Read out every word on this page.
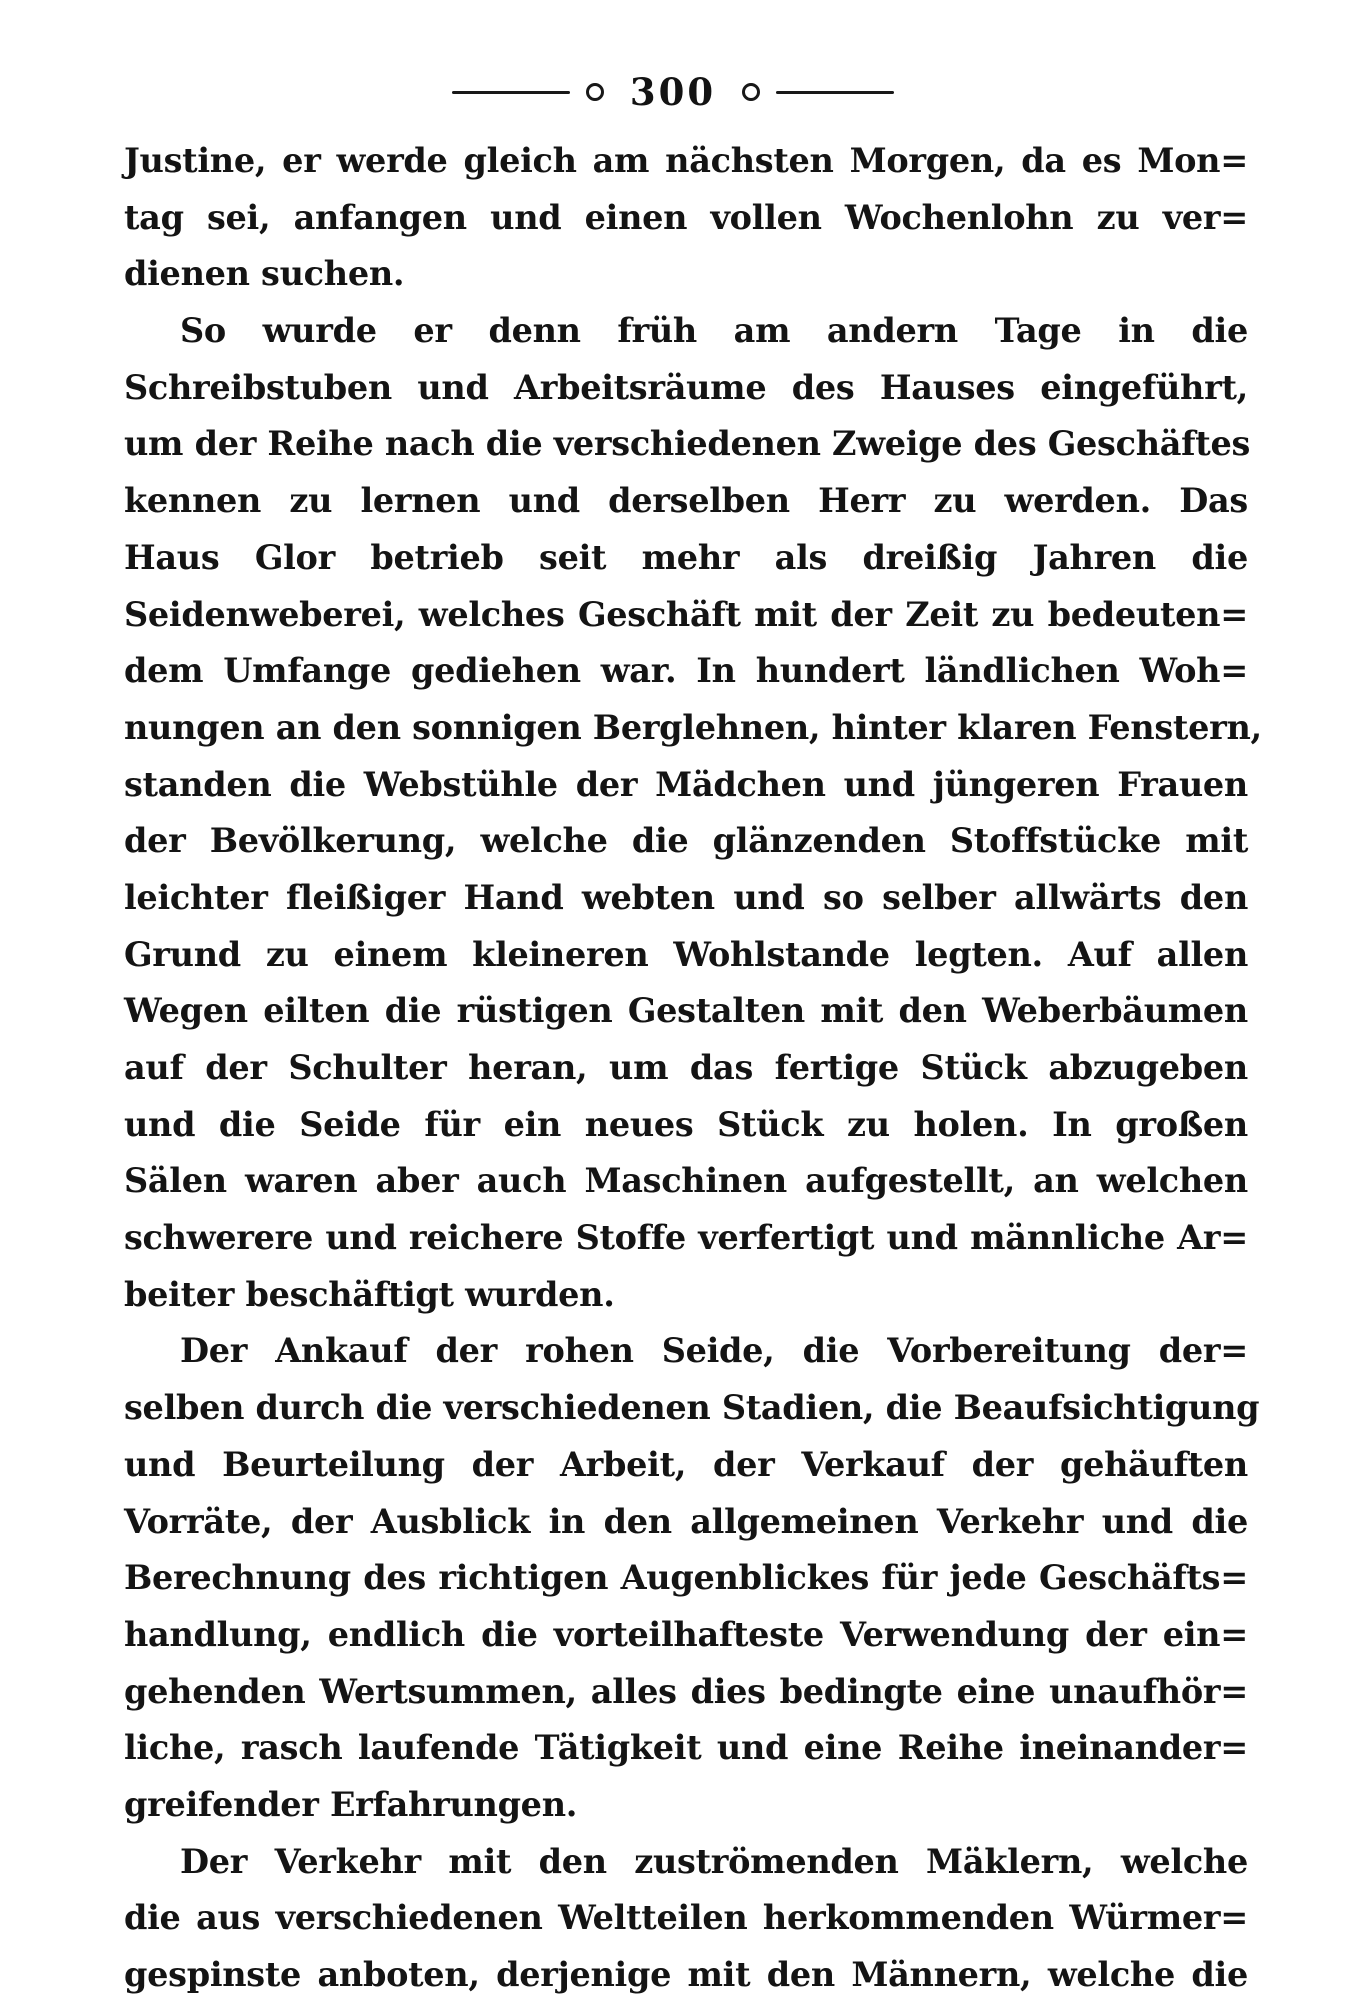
300
Justine, er werde gleich am nächsten Morgen, da es Mon=
tag sei, anfangen und einen vollen Wochenlohn zu ver=
dienen suchen.
So wurde er denn früh am andern Tage in die
Schreibstuben und Arbeitsräume des Hauses eingeführt,
um der Reihe nach die verschiedenen Zweige des Geschäftes
kennen zu lernen und derselben Herr zu werden. Das
Haus Glor betrieb seit mehr als dreißig Jahren die
Seidenweberei, welches Geschäft mit der Zeit zu bedeuten=
dem Umfange gediehen war. In hundert ländlichen Woh=
nungen an den sonnigen Berglehnen, hinter klaren Fenstern,
standen die Webstühle der Mädchen und jüngeren Frauen
der Bevölkerung, welche die glänzenden Stoffstücke mit
leichter fleißiger Hand webten und so selber allwärts den
Grund zu einem kleineren Wohlstande legten. Auf allen
Wegen eilten die rüstigen Gestalten mit den Weberbäumen
auf der Schulter heran, um das fertige Stück abzugeben
und die Seide für ein neues Stück zu holen. In großen
Sälen waren aber auch Maschinen aufgestellt, an welchen
schwerere und reichere Stoffe verfertigt und männliche Ar=
beiter beschäftigt wurden.
Der Ankauf der rohen Seide, die Vorbereitung der=
selben durch die verschiedenen Stadien, die Beaufsichtigung
und Beurteilung der Arbeit, der Verkauf der gehäuften
Vorräte, der Ausblick in den allgemeinen Verkehr und die
Berechnung des richtigen Augenblickes für jede Geschäfts=
handlung, endlich die vorteilhafteste Verwendung der ein=
gehenden Wertsummen, alles dies bedingte eine unaufhör=
liche, rasch laufende Tätigkeit und eine Reihe ineinander=
greifender Erfahrungen.
Der Verkehr mit den zuströmenden Mäklern, welche
die aus verschiedenen Weltteilen herkommenden Würmer=
gespinste anboten, derjenige mit den Männern, welche die
